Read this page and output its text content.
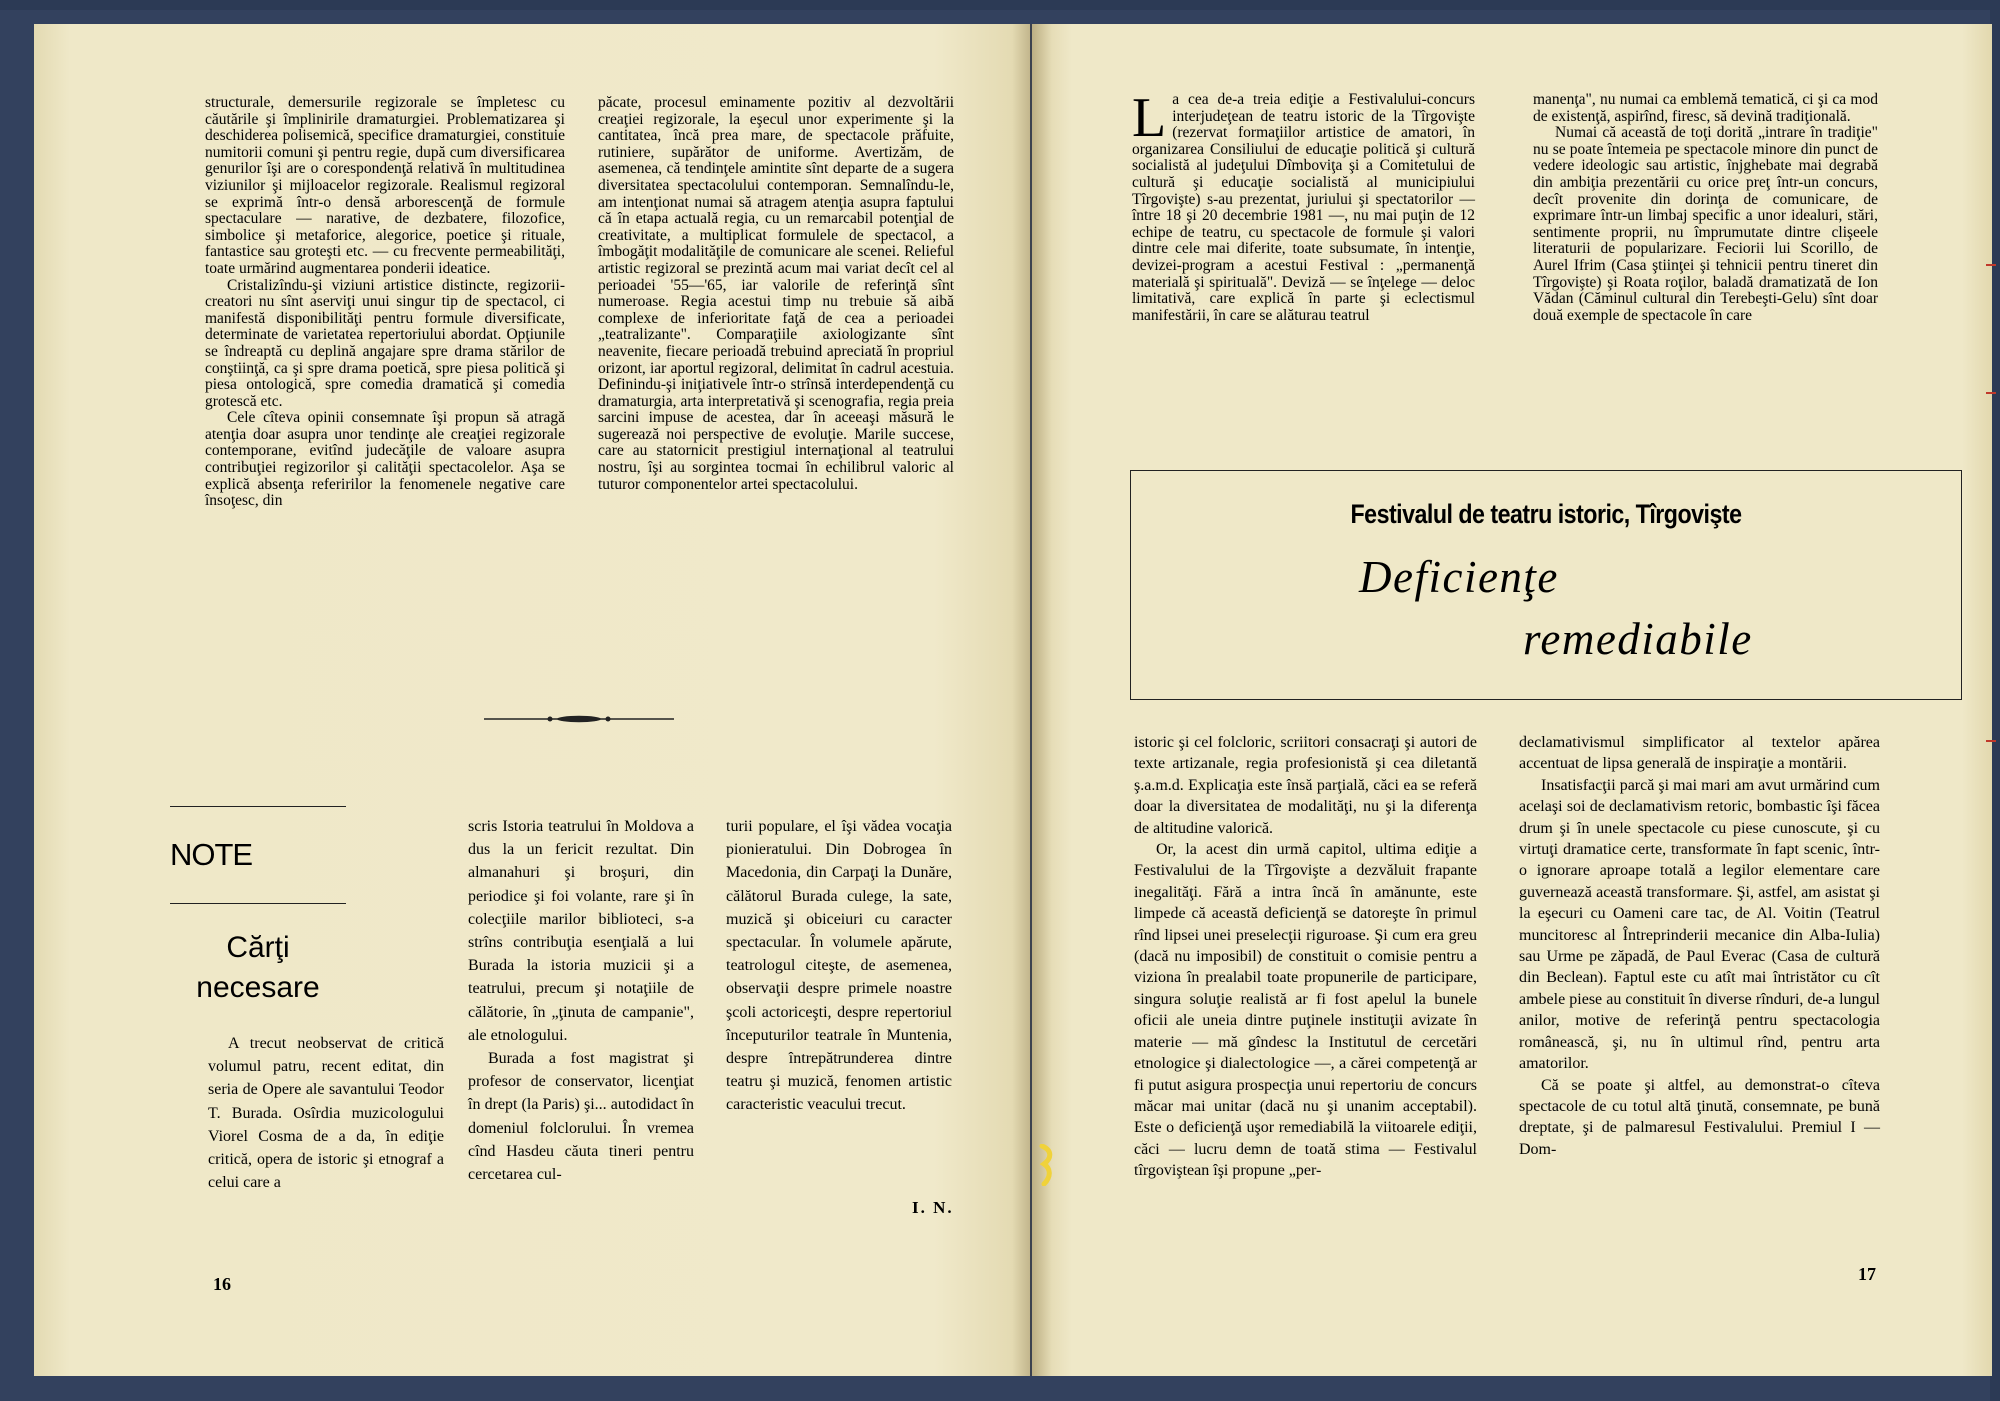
structurale, demersurile regizorale se împletesc cu căutările şi împlinirile dramaturgiei. Problematizarea şi deschiderea polisemică, specifice dramaturgiei, constituie numitorii comuni şi pentru regie, după cum diversificarea genurilor îşi are o corespondenţă relativă în multitudinea viziunilor şi mijloacelor regizorale. Realismul regizoral se exprimă într-o densă arborescenţă de formule spectaculare — narative, de dezbatere, filozofice, simbolice şi metaforice, alegorice, poetice şi rituale, fantastice sau groteşti etc. — cu frecvente permeabilităţi, toate urmărind augmentarea ponderii ideatice.

Cristalizîndu-şi viziuni artistice distincte, regizorii-creatori nu sînt aserviţi unui singur tip de spectacol, ci manifestă disponibilităţi pentru formule diversificate, determinate de varietatea repertoriului abordat. Opţiunile se îndreaptă cu deplină angajare spre drama stărilor de conştiinţă, ca şi spre drama poetică, spre piesa politică şi piesa ontologică, spre comedia dramatică şi comedia grotescă etc.

Cele cîteva opinii consemnate îşi propun să atragă atenţia doar asupra unor tendinţe ale creaţiei regizorale contemporane, evitînd judecăţile de valoare asupra contribuţiei regizorilor şi calităţii spectacolelor. Aşa se explică absenţa referirilor la fenomenele negative care însoţesc, din

păcate, procesul eminamente pozitiv al dezvoltării creaţiei regizorale, la eşecul unor experimente şi la cantitatea, încă prea mare, de spectacole prăfuite, rutiniere, supărător de uniforme. Avertizăm, de asemenea, că tendinţele amintite sînt departe de a sugera diversitatea spectacolului contemporan. Semnalîndu-le, am intenţionat numai să atragem atenţia asupra faptului că în etapa actuală regia, cu un remarcabil potenţial de creativitate, a multiplicat formulele de spectacol, a îmbogăţit modalităţile de comunicare ale scenei. Relieful artistic regizoral se prezintă acum mai variat decît cel al perioadei '55—'65, iar valorile de referinţă sînt numeroase. Regia acestui timp nu trebuie să aibă complexe de inferioritate faţă de cea a perioadei „teatralizante". Comparaţiile axiologizante sînt neavenite, fiecare perioadă trebuind apreciată în propriul orizont, iar aportul regizoral, delimitat în cadrul acestuia. Definindu-şi iniţiativele într-o strînsă interdependenţă cu dramaturgia, arta interpretativă şi scenografia, regia preia sarcini impuse de acestea, dar în aceeaşi măsură le sugerează noi perspective de evoluţie. Marile succese, care au statornicit prestigiul internaţional al teatrului nostru, îşi au sorgintea tocmai în echilibrul valoric al tuturor componentelor artei spectacolului.

NOTE
Cărţi
necesare

A trecut neobservat de critică volumul patru, recent editat, din seria de Opere ale savantului Teodor T. Burada. Osîrdia muzicologului Viorel Cosma de a da, în ediţie critică, opera de istoric şi etnograf a celui care a

scris Istoria teatrului în Moldova a dus la un fericit rezultat. Din almanahuri şi broşuri, din periodice şi foi volante, rare şi în colecţiile marilor biblioteci, s-a strîns contribuţia esenţială a lui Burada la istoria muzicii şi a teatrului, precum şi notaţiile de călătorie, în „ţinuta de campanie", ale etnologului.

Burada a fost magistrat şi profesor de conservator, licenţiat în drept (la Paris) şi... autodidact în domeniul folclorului. În vremea cînd Hasdeu căuta tineri pentru cercetarea cul-

turii populare, el îşi vădea vocaţia pionieratului. Din Dobrogea în Macedonia, din Carpaţi la Dunăre, călătorul Burada culege, la sate, muzică şi obiceiuri cu caracter spectacular. În volumele apărute, teatrologul citeşte, de asemenea, observaţii despre primele noastre şcoli actoriceşti, despre repertoriul începuturilor teatrale în Muntenia, despre întrepătrunderea dintre teatru şi muzică, fenomen artistic caracteristic veacului trecut.

I. N.
16

La cea de-a treia ediţie a Festivalului-concurs interjudeţean de teatru istoric de la Tîrgovişte (rezervat formaţiilor artistice de amatori, în organizarea Consiliului de educaţie politică şi cultură socialistă al judeţului Dîmboviţa şi a Comitetului de cultură şi educaţie socialistă al municipiului Tîrgovişte) s-au prezentat, juriului şi spectatorilor — între 18 şi 20 decembrie 1981 —, nu mai puţin de 12 echipe de teatru, cu spectacole de formule şi valori dintre cele mai diferite, toate subsumate, în intenţie, devizei-program a acestui Festival : „permanenţă materială şi spirituală". Deviză — se înţelege — deloc limitativă, care explică în parte şi eclectismul manifestării, în care se alăturau teatrul

manenţa", nu numai ca emblemă tematică, ci şi ca mod de existenţă, aspirînd, firesc, să devină tradiţională.

Numai că această de toţi dorită „intrare în tradiţie" nu se poate întemeia pe spectacole minore din punct de vedere ideologic sau artistic, înjghebate mai degrabă din ambiţia prezentării cu orice preţ într-un concurs, decît provenite din dorinţa de comunicare, de exprimare într-un limbaj specific a unor idealuri, stări, sentimente proprii, nu împrumutate dintre clişeele literaturii de popularizare. Feciorii lui Scorillo, de Aurel Ifrim (Casa ştiinţei şi tehnicii pentru tineret din Tîrgovişte) şi Roata roţilor, baladă dramatizată de Ion Vădan (Căminul cultural din Terebeşti-Gelu) sînt doar două exemple de spectacole în care

Festivalul de teatru istoric, Tîrgovişte
Deficienţe
remediabile

istoric şi cel folcloric, scriitori consacraţi şi autori de texte artizanale, regia profesionistă şi cea diletantă ş.a.m.d. Explicaţia este însă parţială, căci ea se referă doar la diversitatea de modalităţi, nu şi la diferenţa de altitudine valorică.

Or, la acest din urmă capitol, ultima ediţie a Festivalului de la Tîrgovişte a dezvăluit frapante inegalităţi. Fără a intra încă în amănunte, este limpede că această deficienţă se datoreşte în primul rînd lipsei unei preselecţii riguroase. Şi cum era greu (dacă nu imposibil) de constituit o comisie pentru a viziona în prealabil toate propunerile de participare, singura soluţie realistă ar fi fost apelul la bunele oficii ale uneia dintre puţinele instituţii avizate în materie — mă gîndesc la Institutul de cercetări etnologice şi dialectologice —, a cărei competenţă ar fi putut asigura prospecţia unui repertoriu de concurs măcar mai unitar (dacă nu şi unanim acceptabil). Este o deficienţă uşor remediabilă la viitoarele ediţii, căci — lucru demn de toată stima — Festivalul tîrgoviştean îşi propune „per-

declamativismul simplificator al textelor apărea accentuat de lipsa generală de inspiraţie a montării.

Insatisfacţii parcă şi mai mari am avut urmărind cum acelaşi soi de declamativism retoric, bombastic îşi făcea drum şi în unele spectacole cu piese cunoscute, şi cu virtuţi dramatice certe, transformate în fapt scenic, într-o ignorare aproape totală a legilor elementare care guvernează această transformare. Şi, astfel, am asistat şi la eşecuri cu Oameni care tac, de Al. Voitin (Teatrul muncitoresc al Întreprinderii mecanice din Alba-Iulia) sau Urme pe zăpadă, de Paul Everac (Casa de cultură din Beclean). Faptul este cu atît mai întristător cu cît ambele piese au constituit în diverse rînduri, de-a lungul anilor, motive de referinţă pentru spectacologia românească, şi, nu în ultimul rînd, pentru arta amatorilor.

Că se poate şi altfel, au demonstrat-o cîteva spectacole de cu totul altă ţinută, consemnate, pe bună dreptate, şi de palmaresul Festivalului. Premiul I — Dom-

17
